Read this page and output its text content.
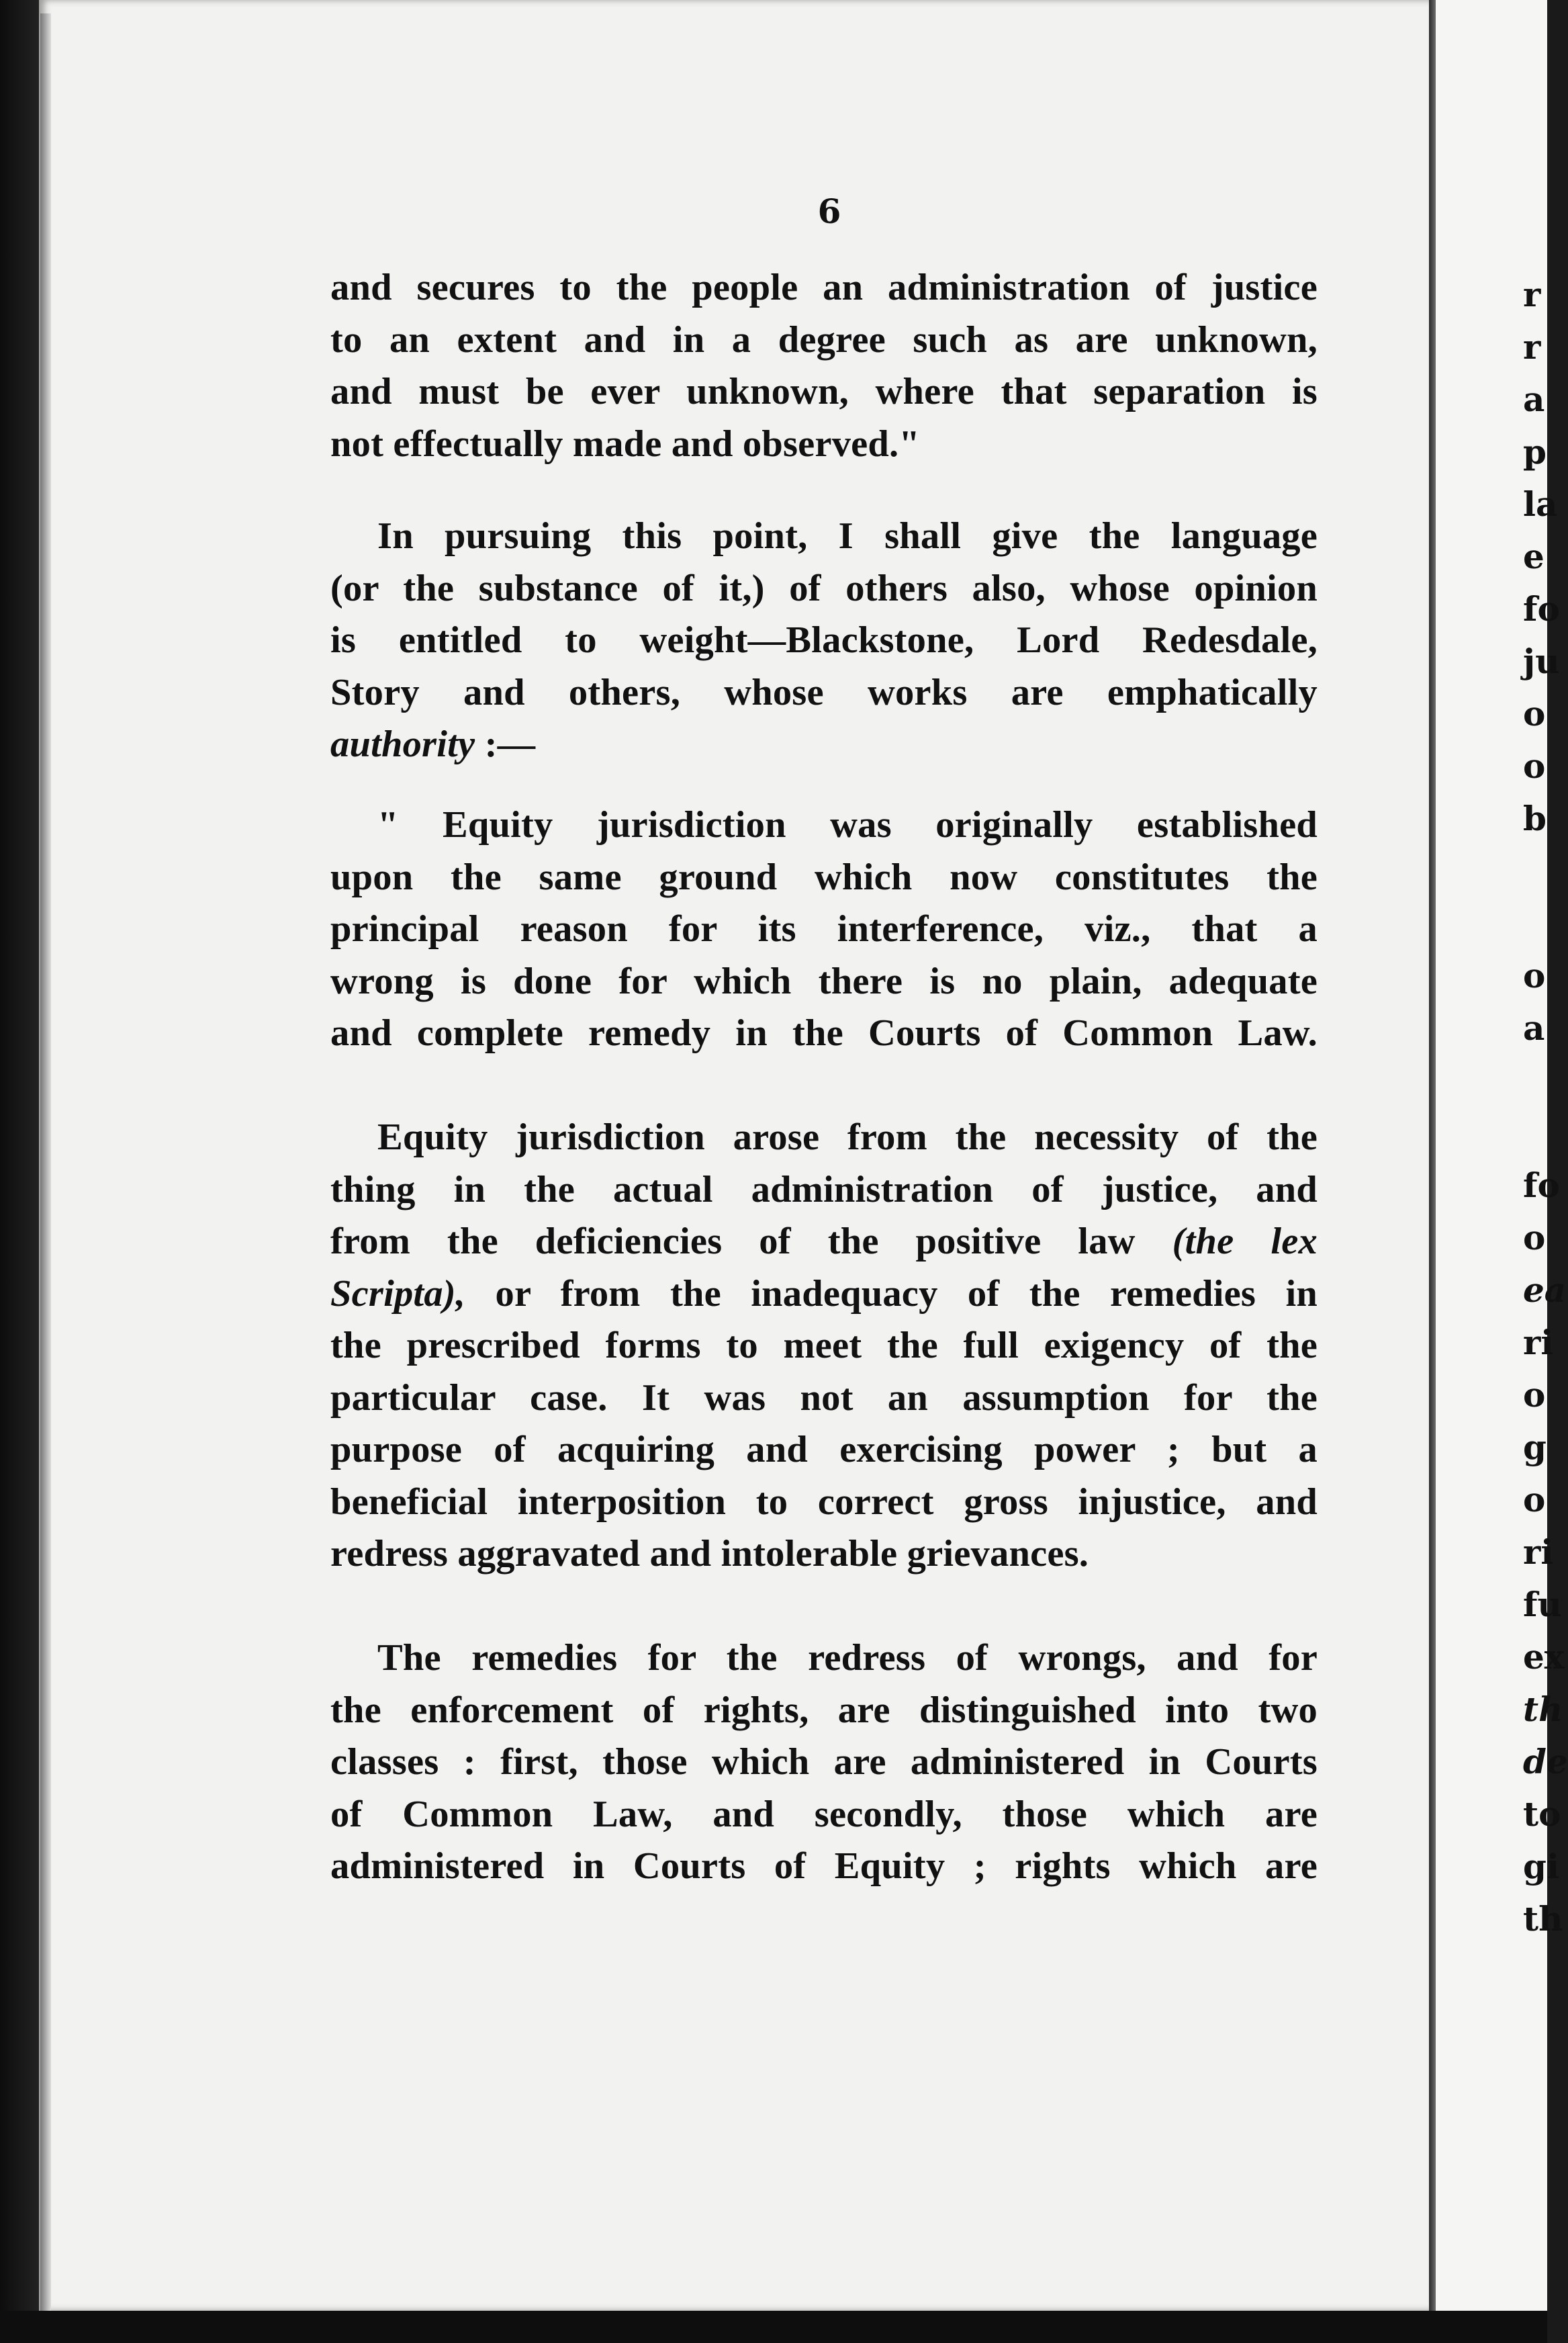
r
r
a
p
la
e
fo
ju
o
o
b

o
a

fo
o
ea
ri
o
g
o
ri
fu
ex
th
de
to
gi
th
6
and secures to the people an administration of justice
to an extent and in a degree such as are unknown,
and must be ever unknown, where that separation is
not effectually made and observed."
In pursuing this point, I shall give the language
(or the substance of it,) of others also, whose opinion
is entitled to weight—Blackstone, Lord Redesdale,
Story and others, whose works are emphatically
authority :—
" Equity jurisdiction was originally established
upon the same ground which now constitutes the
principal reason for its interference, viz., that a
wrong is done for which there is no plain, adequate
and complete remedy in the Courts of Common Law.
Equity jurisdiction arose from the necessity of the
thing in the actual administration of justice, and
from the deficiencies of the positive law (the lex
Scripta), or from the inadequacy of the remedies in
the prescribed forms to meet the full exigency of the
particular case. It was not an assumption for the
purpose of acquiring and exercising power ; but a
beneficial interposition to correct gross injustice, and
redress aggravated and intolerable grievances.
The remedies for the redress of wrongs, and for
the enforcement of rights, are distinguished into two
classes : first, those which are administered in Courts
of Common Law, and secondly, those which are
administered in Courts of Equity ; rights which are
